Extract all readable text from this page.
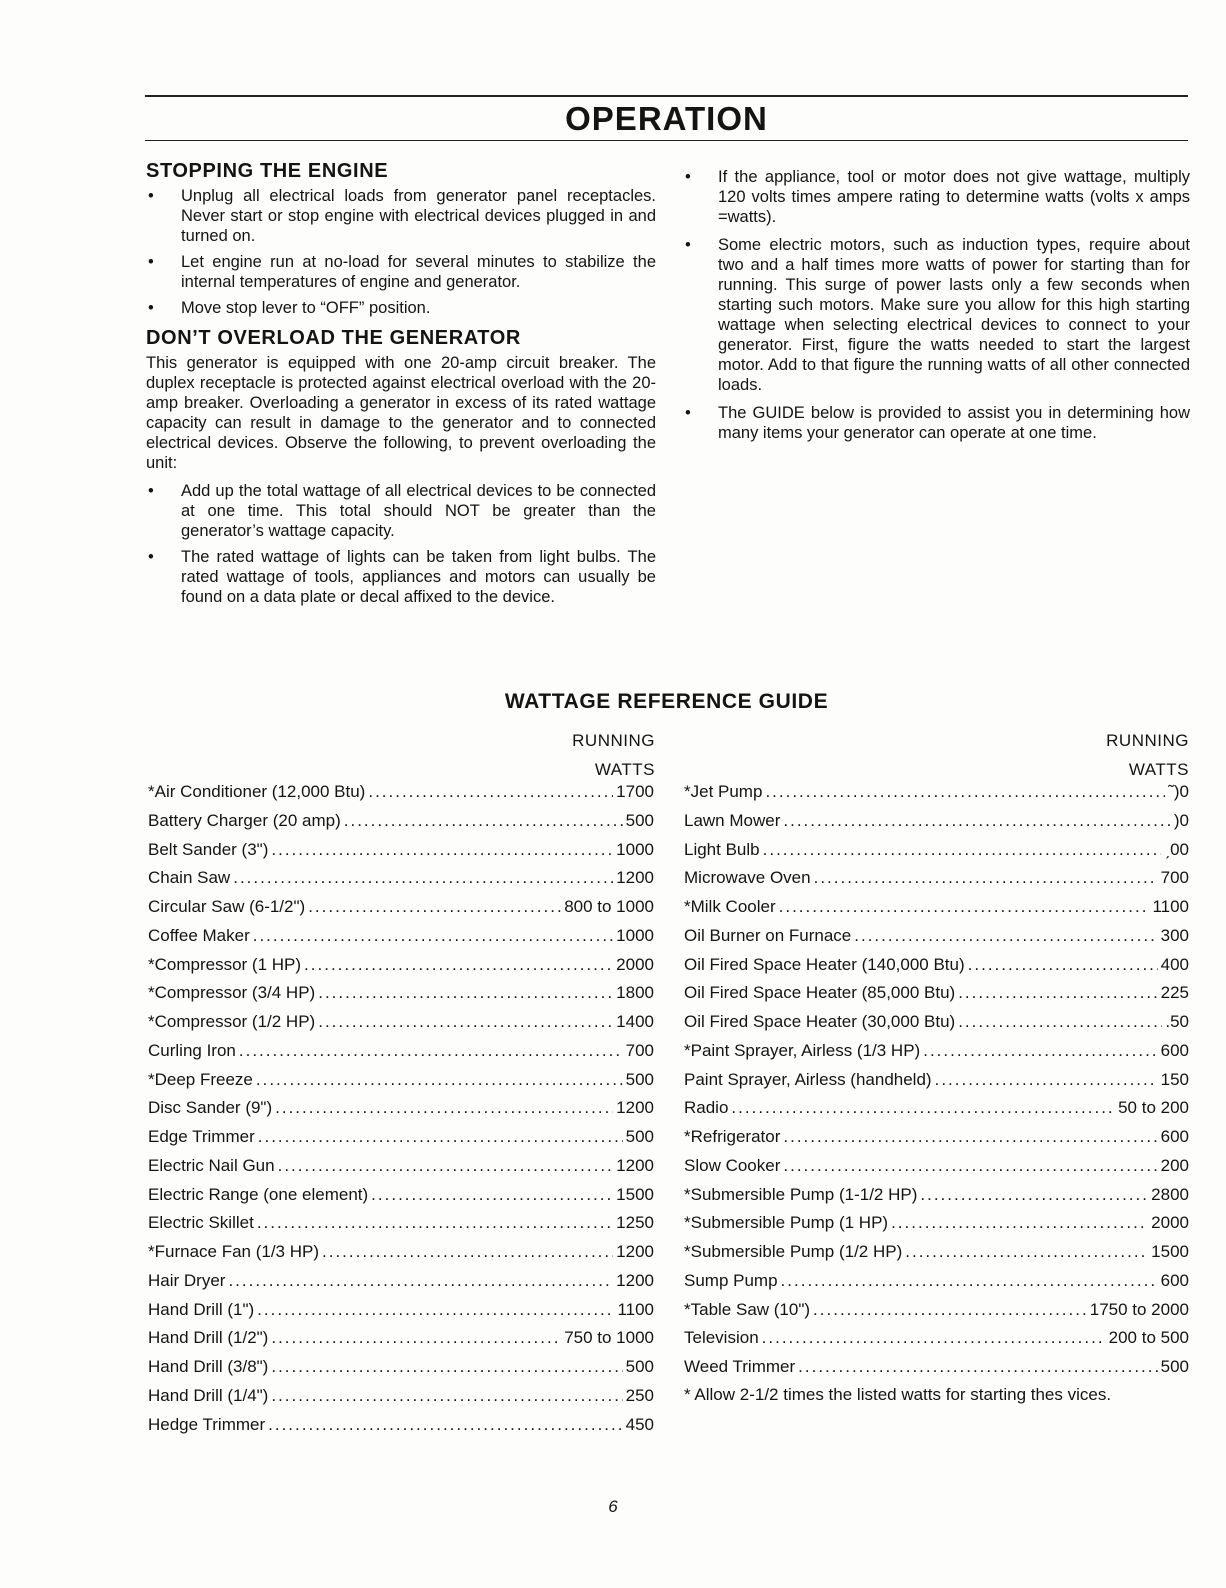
OPERATION
STOPPING THE ENGINE
• Unplug all electrical loads from generator panel receptacles. Never start or stop engine with electrical devices plugged in and turned on.
• Let engine run at no-load for several minutes to stabilize the internal temperatures of engine and generator.
• Move stop lever to “OFF” position.
DON’T OVERLOAD THE GENERATOR

This generator is equipped with one 20-amp circuit breaker. The duplex receptacle is protected against electrical overload with the 20-amp breaker. Overloading a generator in excess of its rated wattage capacity can result in damage to the generator and to connected electrical devices. Observe the following, to prevent overloading the unit:

• Add up the total wattage of all electrical devices to be connected at one time. This total should NOT be greater than the generator’s wattage capacity.
• The rated wattage of lights can be taken from light bulbs. The rated wattage of tools, appliances and motors can usually be found on a data plate or decal affixed to the device.
• If the appliance, tool or motor does not give wattage, multiply 120 volts times ampere rating to determine watts (volts x amps =watts).
• Some electric motors, such as induction types, require about two and a half times more watts of power for starting than for running. This surge of power lasts only a few seconds when starting such motors. Make sure you allow for this high starting wattage when selecting electrical devices to connect to your generator. First, figure the watts needed to start the largest motor. Add to that figure the running watts of all other connected loads.
• The GUIDE below is provided to assist you in determining how many items your generator can operate at one time.
WATTAGE REFERENCE GUIDE
RUNNING
WATTS
RUNNING
WATTS
*Air Conditioner (12,000 Btu) .....	1700
Battery Charger (20 amp) .....	500
Belt Sander (3") .....	1000
Chain Saw .....	1200
Circular Saw (6-1/2") .....	800 to 1000
Coffee Maker .....	1000
*Compressor (1 HP) .....	2000
*Compressor (3/4 HP) .....	1800
*Compressor (1/2 HP) .....	1400
Curling Iron .....	700
*Deep Freeze .....	500
Disc Sander (9") .....	1200
Edge Trimmer .....	500
Electric Nail Gun .....	1200
Electric Range (one element) .....	1500
Electric Skillet .....	1250
*Furnace Fan (1/3 HP) .....	1200
Hair Dryer .....	1200
Hand Drill (1") .....	1100
Hand Drill (1/2") .....	750 to 1000
Hand Drill (3/8") .....	500
Hand Drill (1/4") .....	250
Hedge Trimmer .....	450
*Jet Pump .....	˜)0
Lawn Mower .....	)0
Light Bulb .....	ˏ00
Microwave Oven .....	700
*Milk Cooler .....	1100
Oil Burner on Furnace .....	300
Oil Fired Space Heater (140,000 Btu) .....	400
Oil Fired Space Heater (85,000 Btu) .....	225
Oil Fired Space Heater (30,000 Btu) .....	.50
*Paint Sprayer, Airless (1/3 HP) .....	600
Paint Sprayer, Airless (handheld) .....	150
Radio .....	50 to 200
*Refrigerator .....	600
Slow Cooker .....	200
*Submersible Pump (1-1/2 HP) .....	2800
*Submersible Pump (1 HP) .....	2000
*Submersible Pump (1/2 HP) .....	1500
Sump Pump .....	600
*Table Saw (10") .....	1750 to 2000
Television .....	200 to 500
Weed Trimmer .....	500
* Allow 2-1/2 times the listed watts for starting thes vices.
6
